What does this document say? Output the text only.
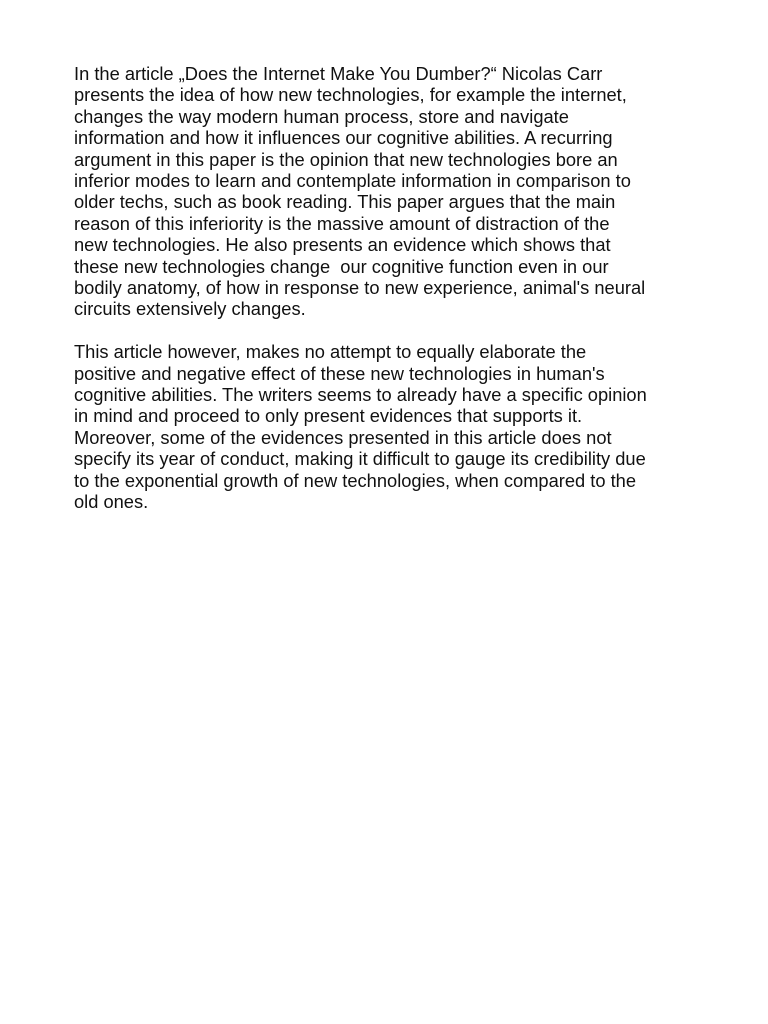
In the article „Does the Internet Make You Dumber?“ Nicolas Carr
presents the idea of how new technologies, for example the internet,
changes the way modern human process, store and navigate
information and how it influences our cognitive abilities. A recurring
argument in this paper is the opinion that new technologies bore an
inferior modes to learn and contemplate information in comparison to
older techs, such as book reading. This paper argues that the main
reason of this inferiority is the massive amount of distraction of the
new technologies. He also presents an evidence which shows that
these new technologies change  our cognitive function even in our
bodily anatomy, of how in response to new experience, animal's neural
circuits extensively changes.
This article however, makes no attempt to equally elaborate the
positive and negative effect of these new technologies in human's
cognitive abilities. The writers seems to already have a specific opinion
in mind and proceed to only present evidences that supports it.
Moreover, some of the evidences presented in this article does not
specify its year of conduct, making it difficult to gauge its credibility due
to the exponential growth of new technologies, when compared to the
old ones.
